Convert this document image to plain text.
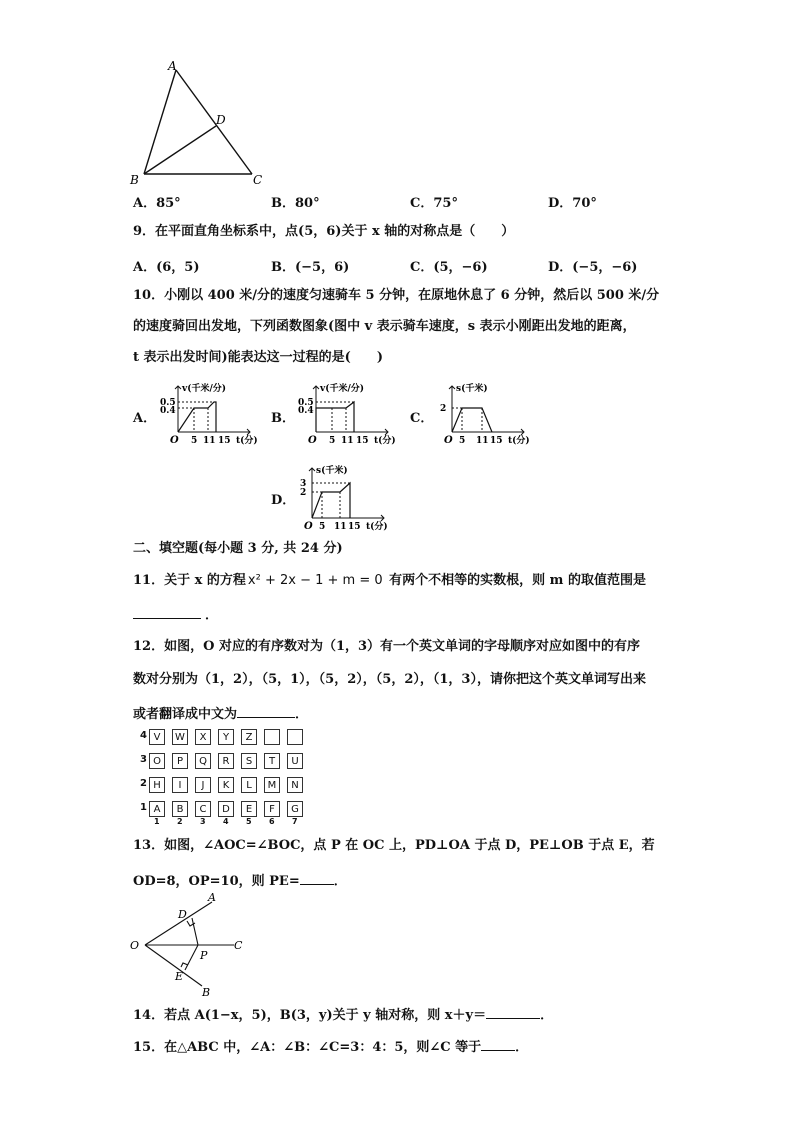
A
D
B	C
A．85°	B．80°	C．75°	D．70°
9．在平面直角坐标系中，点(5，6)关于 x 轴的对称点是（　　）
A．(6，5)	B．(−5，6)	C．(5，−6)	D．(−5，−6)
10．小刚以 400 米/分的速度匀速骑车 5 分钟，在原地休息了 6 分钟，然后以 500 米/分
的速度骑回出发地，下列函数图象(图中 v 表示骑车速度，s 表示小刚距出发地的距离，
t 表示出发时间)能表达这一过程的是(　　)
A．
v(千米/分)
0.5
0.4
O 5 11 15 t(分)
B．
v(千米/分)
0.5
0.4
O 5 11 15 t(分)
C．
s(千米)
2
O 5 11 15 t(分)
D．
s(千米)
3
2
O 5 11 15 t(分)
二、填空题(每小题 3 分, 共 24 分)
11．关于 x 的方程 x² + 2x − 1 + m = 0 有两个不相等的实数根，则 m 的取值范围是
．
12．如图，O 对应的有序数对为（1，3）有一个英文单词的字母顺序对应如图中的有序
数对分别为（1，2），（5，1），（5，2），（5，2），（1，3），请你把这个英文单词写出来
或者翻译成中文为	．
4
3
2
1
V	W	X	Y	Z
O	P	Q	R	S	T	U
H	I	J	K	L	M	N
A	B	C	D	E	F	G
1 2 3 4 5 6 7
13．如图，∠AOC=∠BOC，点 P 在 OC 上，PD⊥OA 于点 D，PE⊥OB 于点 E，若
OD=8，OP=10，则 PE=	．
A
D
O
P
C
E
B
14．若点 A(1−x，5)，B(3，y)关于 y 轴对称，则 x＋y＝	．
15．在△ABC 中，∠A：∠B：∠C=3：4：5，则∠C 等于	．
